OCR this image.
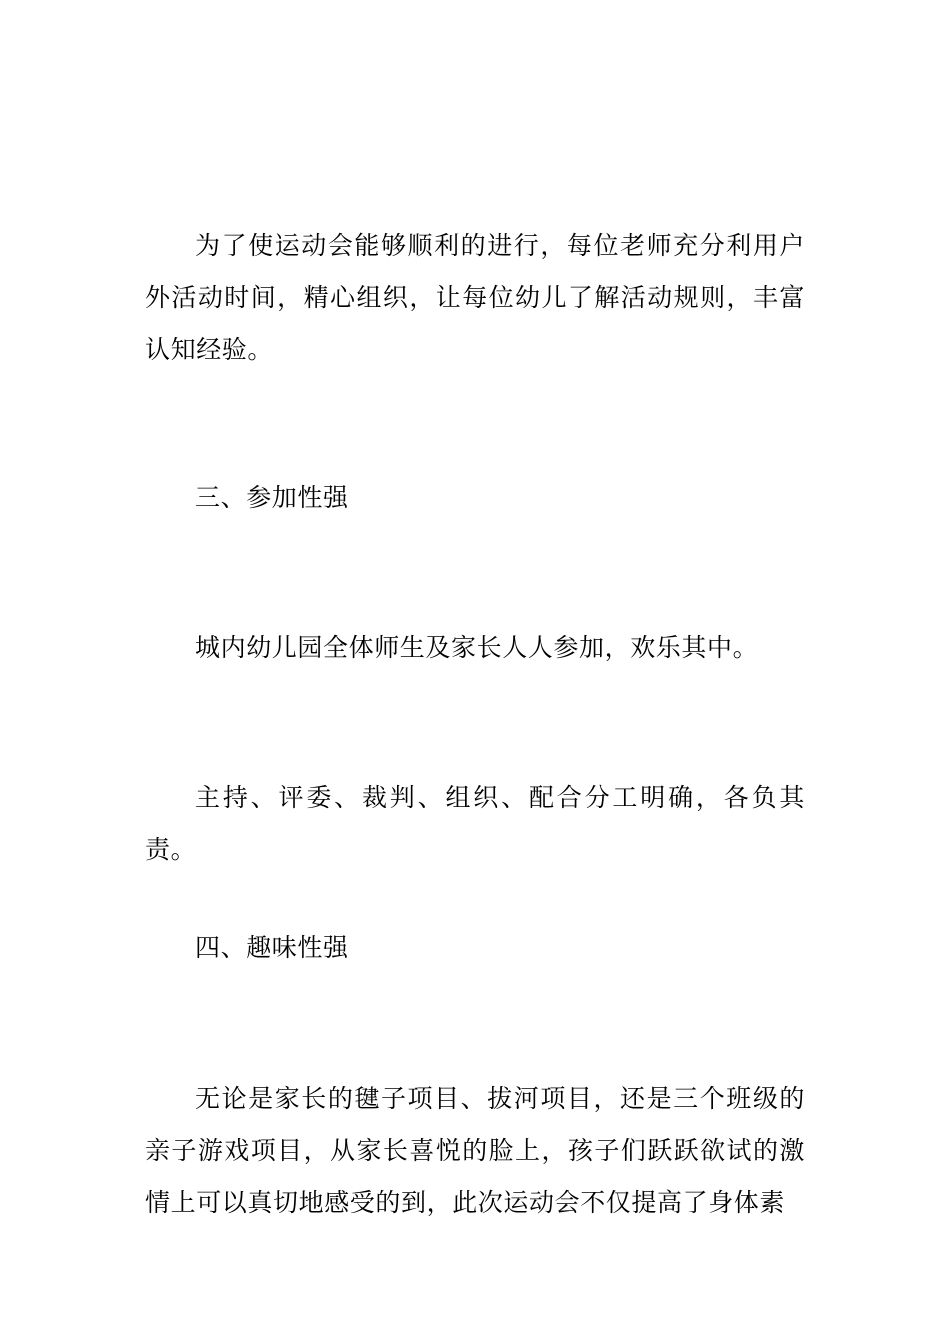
为了使运动会能够顺利的进行，每位老师充分利用户外活动时间，精心组织，让每位幼儿了解活动规则，丰富认知经验。

三、参加性强

城内幼儿园全体师生及家长人人参加，欢乐其中。

主持、评委、裁判、组织、配合分工明确，各负其责。

四、趣味性强

无论是家长的毽子项目、拔河项目，还是三个班级的亲子游戏项目，从家长喜悦的脸上，孩子们跃跃欲试的激情上可以真切地感受的到，此次运动会不仅提高了身体素
